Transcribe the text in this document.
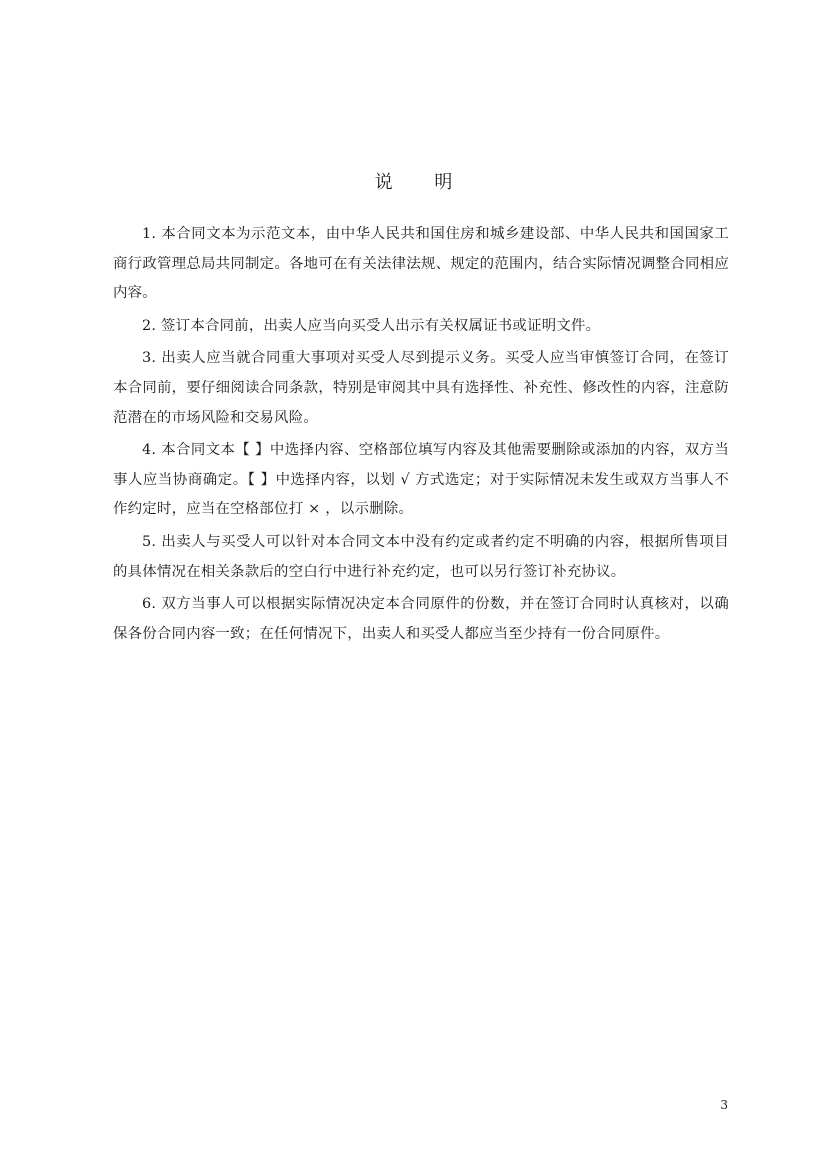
说 明

1. 本合同文本为示范文本，由中华人民共和国住房和城乡建设部、中华人民共和国国家工商行政管理总局共同制定。各地可在有关法律法规、规定的范围内，结合实际情况调整合同相应内容。

2. 签订本合同前，出卖人应当向买受人出示有关权属证书或证明文件。

3. 出卖人应当就合同重大事项对买受人尽到提示义务。买受人应当审慎签订合同，在签订本合同前，要仔细阅读合同条款，特别是审阅其中具有选择性、补充性、修改性的内容，注意防范潜在的市场风险和交易风险。

4. 本合同文本【 】中选择内容、空格部位填写内容及其他需要删除或添加的内容，双方当事人应当协商确定。【 】中选择内容，以划 √ 方式选定；对于实际情况未发生或双方当事人不作约定时，应当在空格部位打 × ，以示删除。

5. 出卖人与买受人可以针对本合同文本中没有约定或者约定不明确的内容，根据所售项目的具体情况在相关条款后的空白行中进行补充约定，也可以另行签订补充协议。

6. 双方当事人可以根据实际情况决定本合同原件的份数，并在签订合同时认真核对，以确保各份合同内容一致；在任何情况下，出卖人和买受人都应当至少持有一份合同原件。

3
